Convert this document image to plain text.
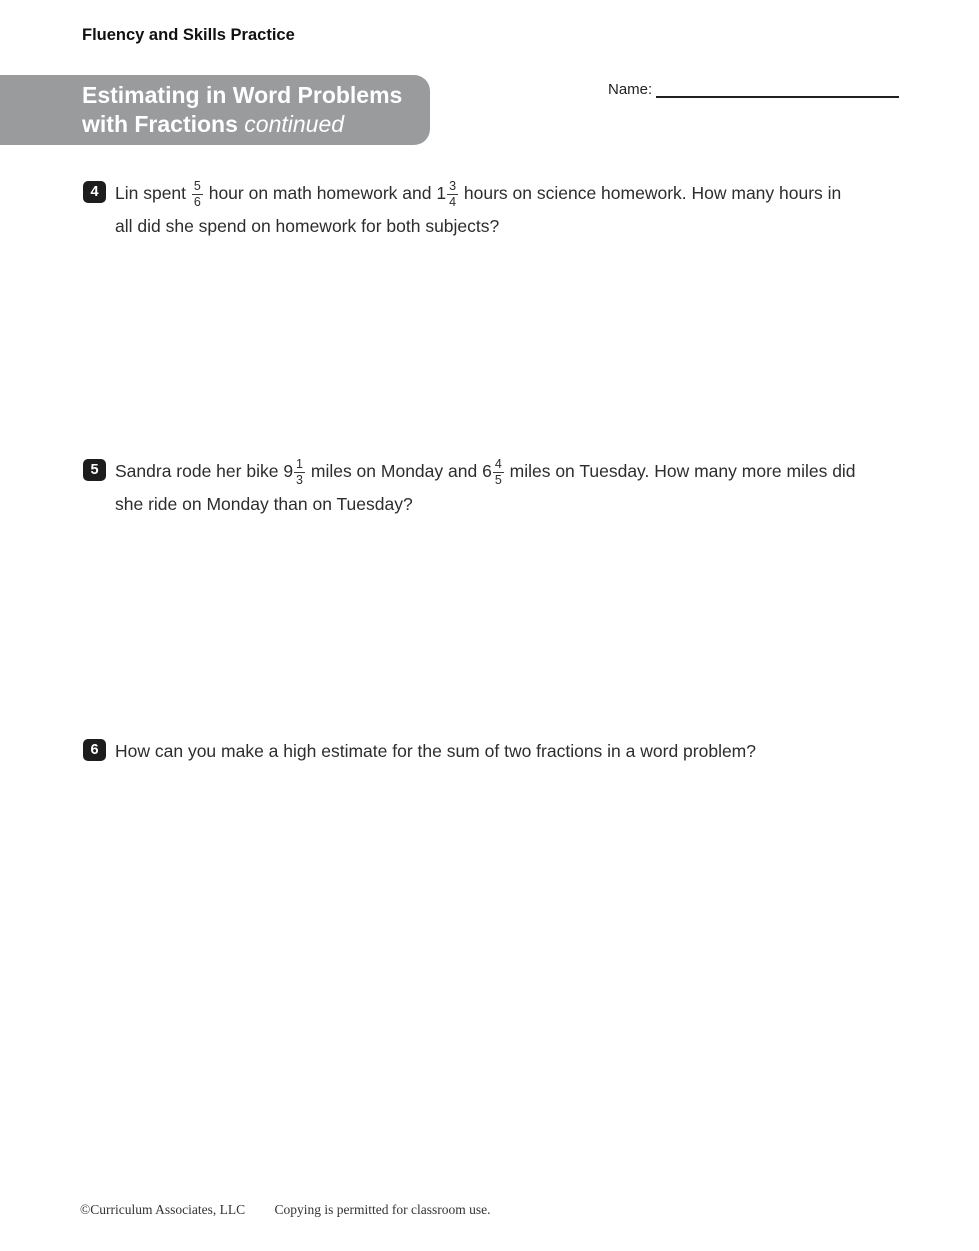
Fluency and Skills Practice
Estimating in Word Problems
with Fractions continued
Name:
4 Lin spent $\frac{5}{6}$ hour on math homework and $1 \frac{3}{4}$ hours on science homework. How many hours in
all did she spend on homework for both subjects?

5 Sandra rode her bike $9 \frac{1}{3}$ miles on Monday and $6 \frac{4}{5}$ miles on Tuesday. How many more miles did
she ride on Monday than on Tuesday?

6 How can you make a high estimate for the sum of two fractions in a word problem?

©Curriculum Associates, LLC Copying is permitted for classroom use.
